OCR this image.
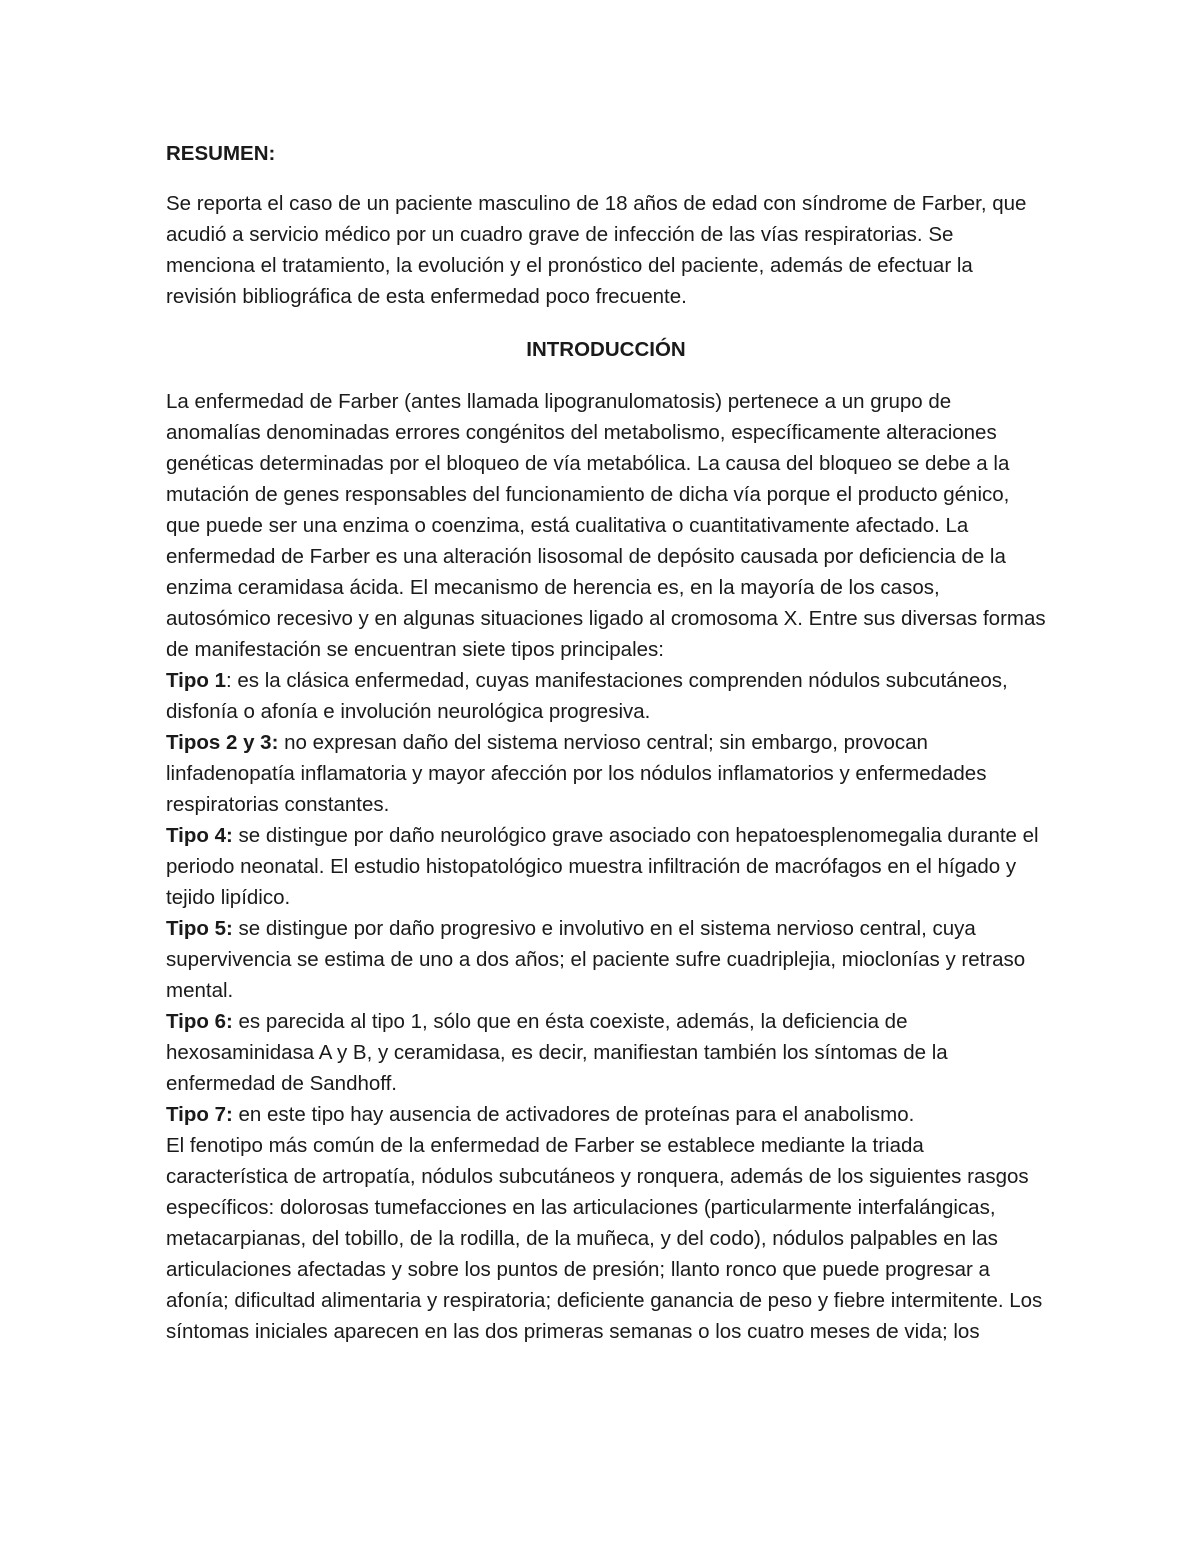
RESUMEN:

Se reporta el caso de un paciente masculino de 18 años de edad con síndrome de Farber, que acudió a servicio médico por un cuadro grave de infección de las vías respiratorias. Se menciona el tratamiento, la evolución y el pronóstico del paciente, además de efectuar la revisión bibliográfica de esta enfermedad poco frecuente.

INTRODUCCIÓN

La enfermedad de Farber (antes llamada lipogranulomatosis) pertenece a un grupo de anomalías denominadas errores congénitos del metabolismo, específicamente alteraciones genéticas determinadas por el bloqueo de vía metabólica. La causa del bloqueo se debe a la mutación de genes responsables del funcionamiento de dicha vía porque el producto génico, que puede ser una enzima o coenzima, está cualitativa o cuantitativamente afectado. La enfermedad de Farber es una alteración lisosomal de depósito causada por deficiencia de la enzima ceramidasa ácida. El mecanismo de herencia es, en la mayoría de los casos, autosómico recesivo y en algunas situaciones ligado al cromosoma X. Entre sus diversas formas de manifestación se encuentran siete tipos principales:

Tipo 1: es la clásica enfermedad, cuyas manifestaciones comprenden nódulos subcutáneos, disfonía o afonía e involución neurológica progresiva.

Tipos 2 y 3: no expresan daño del sistema nervioso central; sin embargo, provocan linfadenopatía inflamatoria y mayor afección por los nódulos inflamatorios y enfermedades respiratorias constantes.

Tipo 4: se distingue por daño neurológico grave asociado con hepatoesplenomegalia durante el periodo neonatal. El estudio histopatológico muestra infiltración de macrófagos en el hígado y tejido lipídico.

Tipo 5: se distingue por daño progresivo e involutivo en el sistema nervioso central, cuya supervivencia se estima de uno a dos años; el paciente sufre cuadriplejia, mioclonías y retraso mental.

Tipo 6: es parecida al tipo 1, sólo que en ésta coexiste, además, la deficiencia de hexosaminidasa A y B, y ceramidasa, es decir, manifiestan también los síntomas de la enfermedad de Sandhoff.

Tipo 7: en este tipo hay ausencia de activadores de proteínas para el anabolismo.

El fenotipo más común de la enfermedad de Farber se establece mediante la triada característica de artropatía, nódulos subcutáneos y ronquera, además de los siguientes rasgos específicos: dolorosas tumefacciones en las articulaciones (particularmente interfalángicas, metacarpianas, del tobillo, de la rodilla, de la muñeca, y del codo), nódulos palpables en las articulaciones afectadas y sobre los puntos de presión; llanto ronco que puede progresar a afonía; dificultad alimentaria y respiratoria; deficiente ganancia de peso y fiebre intermitente. Los síntomas iniciales aparecen en las dos primeras semanas o los cuatro meses de vida; los
